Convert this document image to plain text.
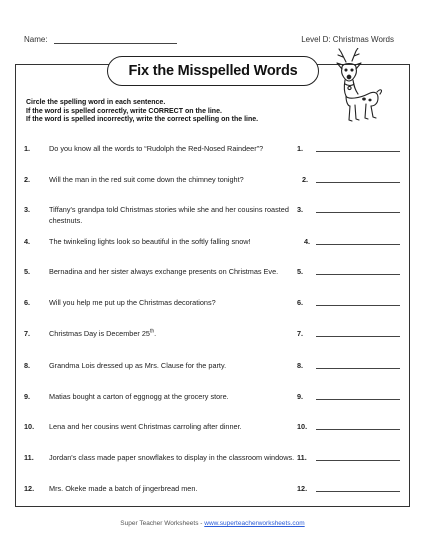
Name:	Level D: Christmas Words
Fix the Misspelled Words
Circle the spelling word in each sentence.
If the word is spelled correctly, write CORRECT on the line.
If the word is spelled incorrectly, write the correct spelling on the line.
1.	Do you know all the words to “Rudolph the Red-Nosed Raindeer”?	1.
2.	Will the man in the red suit come down the chimney tonight?	2.
3.	Tiffany's grandpa told Christmas stories while she and her cousins roasted chestnuts.
3.
4.	The twinkeling lights look so beautiful in the softly falling snow!	4.
5.	Bernadina and her sister always exchange presents on Christmas Eve.	5.
6.	Will you help me put up the Christmas decorations?	6.
7.	Christmas Day is December 25th.	7.
8.	Grandma Lois dressed up as Mrs. Clause for the party.	8.
9.	Matias bought a carton of eggnogg at the grocery store.	9.
10. Lena and her cousins went Christmas carroling after dinner.	10.
11. Jordan's class made paper snowflakes to display in the classroom windows. 11.
12. Mrs. Okeke made a batch of jingerbread men.	12.
Super Teacher Worksheets - www.superteacherworksheets.com
